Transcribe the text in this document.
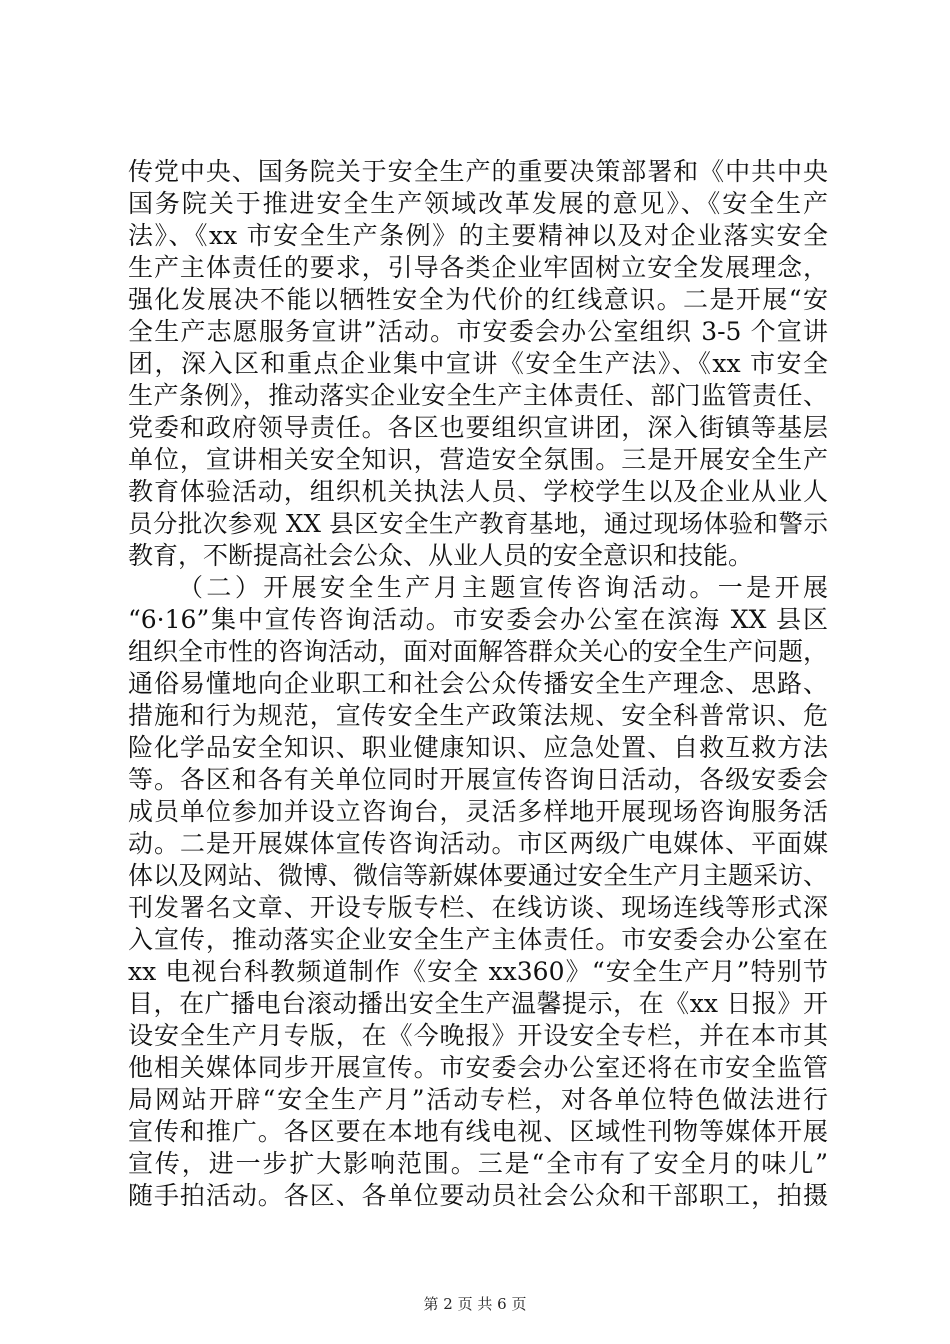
传党中央、国务院关于安全生产的重要决策部署和《中共中央
国务院关于推进安全生产领域改革发展的意见》、《安全生产
法》、《xx 市安全生产条例》的主要精神以及对企业落实安全
生产主体责任的要求，引导各类企业牢固树立安全发展理念，
强化发展决不能以牺牲安全为代价的红线意识。二是开展“安
全生产志愿服务宣讲”活动。市安委会办公室组织 3-5 个宣讲
团，深入区和重点企业集中宣讲《安全生产法》、《xx 市安全
生产条例》，推动落实企业安全生产主体责任、部门监管责任、
党委和政府领导责任。各区也要组织宣讲团，深入街镇等基层
单位，宣讲相关安全知识，营造安全氛围。三是开展安全生产
教育体验活动，组织机关执法人员、学校学生以及企业从业人
员分批次参观 XX 县区安全生产教育基地，通过现场体验和警示
教育，不断提高社会公众、从业人员的安全意识和技能。
（二）开展安全生产月主题宣传咨询活动。一是开展
“6·16”集中宣传咨询活动。市安委会办公室在滨海 XX 县区
组织全市性的咨询活动，面对面解答群众关心的安全生产问题，
通俗易懂地向企业职工和社会公众传播安全生产理念、思路、
措施和行为规范，宣传安全生产政策法规、安全科普常识、危
险化学品安全知识、职业健康知识、应急处置、自救互救方法
等。各区和各有关单位同时开展宣传咨询日活动，各级安委会
成员单位参加并设立咨询台，灵活多样地开展现场咨询服务活
动。二是开展媒体宣传咨询活动。市区两级广电媒体、平面媒
体以及网站、微博、微信等新媒体要通过安全生产月主题采访、
刊发署名文章、开设专版专栏、在线访谈、现场连线等形式深
入宣传，推动落实企业安全生产主体责任。市安委会办公室在
xx 电视台科教频道制作《安全 xx360》“安全生产月”特别节
目，在广播电台滚动播出安全生产温馨提示，在《xx 日报》开
设安全生产月专版，在《今晚报》开设安全专栏，并在本市其
他相关媒体同步开展宣传。市安委会办公室还将在市安全监管
局网站开辟“安全生产月”活动专栏，对各单位特色做法进行
宣传和推广。各区要在本地有线电视、区域性刊物等媒体开展
宣传，进一步扩大影响范围。三是“全市有了安全月的味儿”
随手拍活动。各区、各单位要动员社会公众和干部职工，拍摄
第 2 页 共 6 页
